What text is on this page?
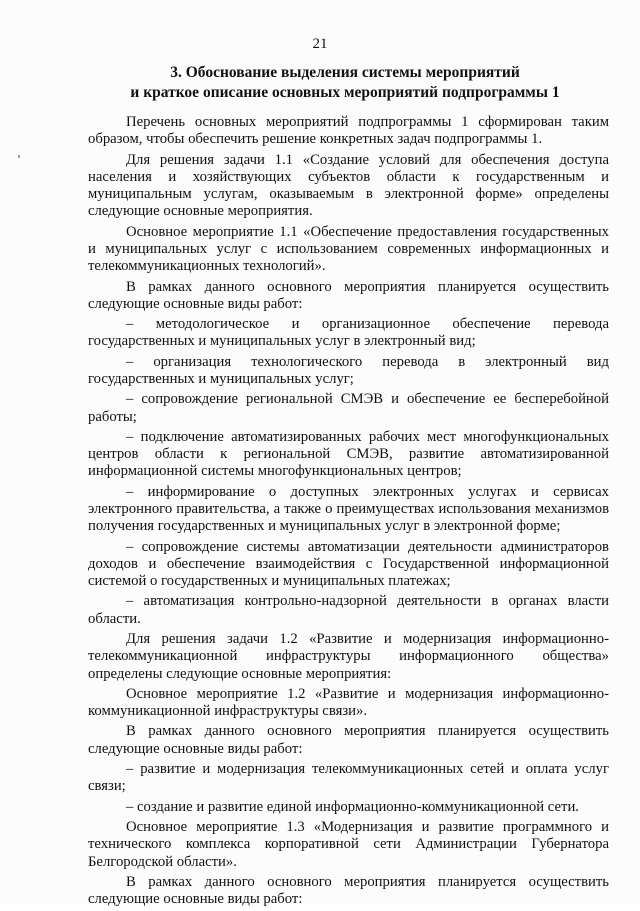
21
3. Обоснование выделения системы мероприятий
и краткое описание основных мероприятий подпрограммы 1

Перечень основных мероприятий подпрограммы 1 сформирован таким образом, чтобы обеспечить решение конкретных задач подпрограммы 1.

Для решения задачи 1.1 «Создание условий для обеспечения доступа населения и хозяйствующих субъектов области к государственным и муниципальным услугам, оказываемым в электронной форме» определены следующие основные мероприятия.

Основное мероприятие 1.1 «Обеспечение предоставления государственных и муниципальных услуг с использованием современных информационных и телекоммуникационных технологий».

В рамках данного основного мероприятия планируется осуществить следующие основные виды работ:

– методологическое и организационное обеспечение перевода государственных и муниципальных услуг в электронный вид;

– организация технологического перевода в электронный вид государственных и муниципальных услуг;

– сопровождение региональной СМЭВ и обеспечение ее бесперебойной работы;

– подключение автоматизированных рабочих мест многофункциональных центров области к региональной СМЭВ, развитие автоматизированной информационной системы многофункциональных центров;

– информирование о доступных электронных услугах и сервисах электронного правительства, а также о преимуществах использования механизмов получения государственных и муниципальных услуг в электронной форме;

– сопровождение системы автоматизации деятельности администраторов доходов и обеспечение взаимодействия с Государственной информационной системой о государственных и муниципальных платежах;

– автоматизация контрольно-надзорной деятельности в органах власти области.

Для решения задачи 1.2 «Развитие и модернизация информационно-телекоммуникационной инфраструктуры информационного общества» определены следующие основные мероприятия:

Основное мероприятие 1.2 «Развитие и модернизация информационно-коммуникационной инфраструктуры связи».

В рамках данного основного мероприятия планируется осуществить следующие основные виды работ:

– развитие и модернизация телекоммуникационных сетей и оплата услуг связи;

– создание и развитие единой информационно-коммуникационной сети.

Основное мероприятие 1.3 «Модернизация и развитие программного и технического комплекса корпоративной сети Администрации Губернатора Белгородской области».

В рамках данного основного мероприятия планируется осуществить следующие основные виды работ:
